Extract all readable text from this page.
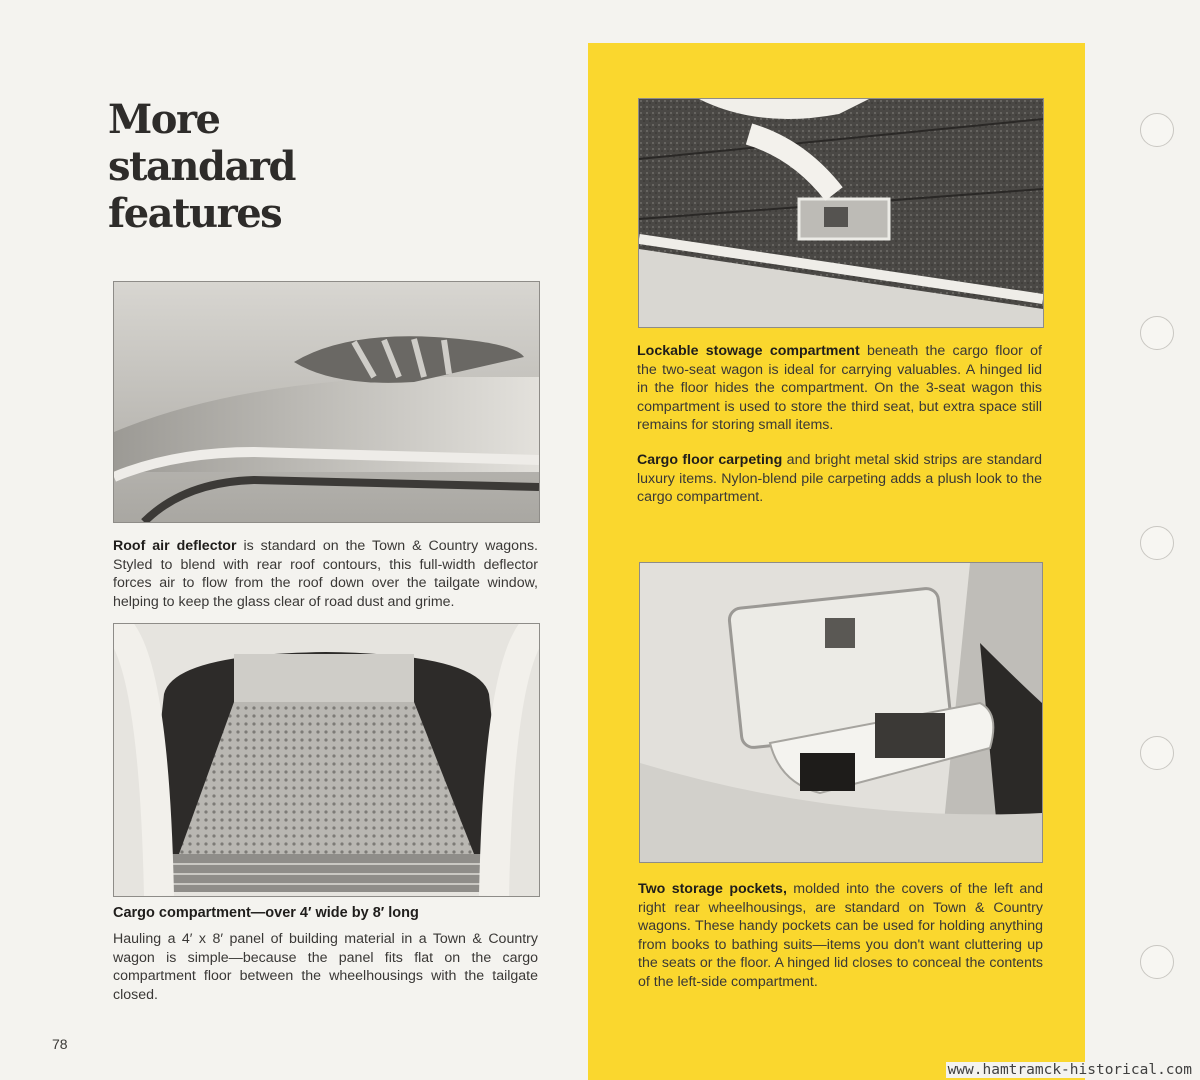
More
standard
features

Roof air deflector is standard on the Town & Country wagons. Styled to blend with rear roof contours, this full-width deflector forces air to flow from the roof down over the tailgate window, helping to keep the glass clear of road dust and grime.

Cargo compartment—over 4′ wide by 8′ long

Hauling a 4′ x 8′ panel of building material in a Town & Country wagon is simple—because the panel fits flat on the cargo compartment floor between the wheelhousings with the tailgate closed.

Lockable stowage compartment beneath the cargo floor of the two-seat wagon is ideal for carrying valuables. A hinged lid in the floor hides the compartment. On the 3-seat wagon this compartment is used to store the third seat, but extra space still remains for storing small items.

Cargo floor carpeting and bright metal skid strips are standard luxury items. Nylon-blend pile carpeting adds a plush look to the cargo compartment.

Two storage pockets, molded into the covers of the left and right rear wheelhousings, are standard on Town & Country wagons. These handy pockets can be used for holding anything from books to bathing suits—items you don't want cluttering up the seats or the floor. A hinged lid closes to conceal the contents of the left-side compartment.

78
www.hamtramck-historical.com
